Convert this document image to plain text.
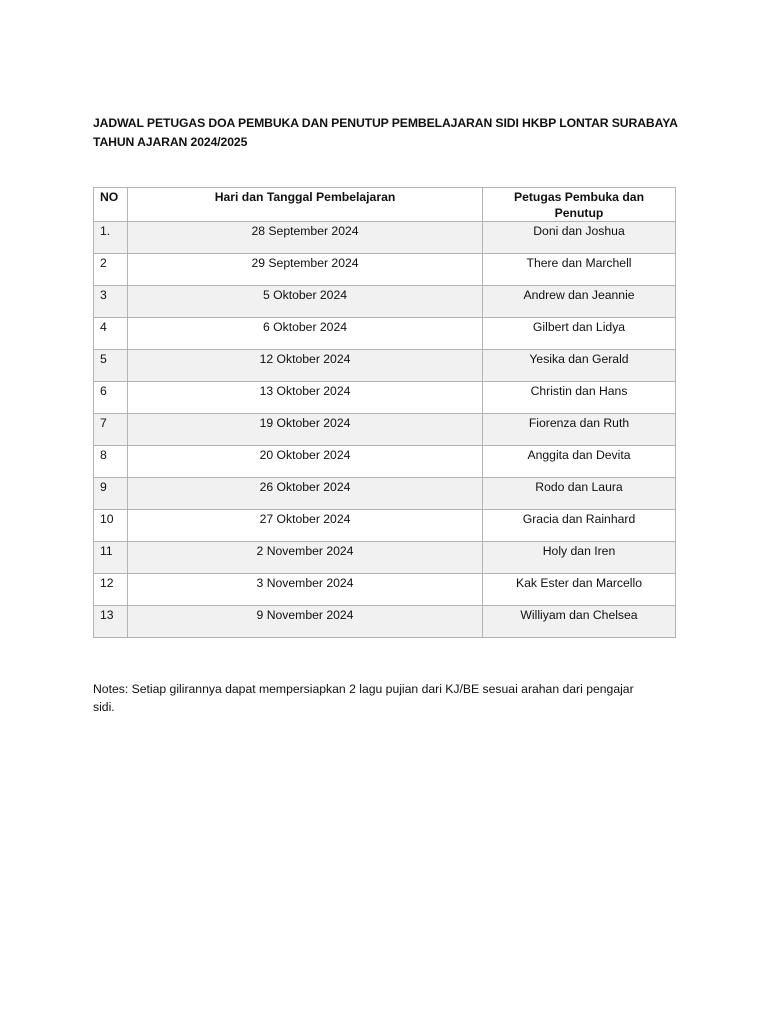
JADWAL PETUGAS DOA PEMBUKA DAN PENUTUP PEMBELAJARAN SIDI HKBP LONTAR SURABAYA TAHUN AJARAN 2024/2025
NO	Hari dan Tanggal Pembelajaran	Petugas Pembuka dan Penutup
1.	28 September 2024	Doni dan Joshua
2	29 September 2024	There dan Marchell
3	5 Oktober 2024	Andrew dan Jeannie
4	6 Oktober 2024	Gilbert dan Lidya
5	12 Oktober 2024	Yesika dan Gerald
6	13 Oktober 2024	Christin dan Hans
7	19 Oktober 2024	Fiorenza dan Ruth
8	20 Oktober 2024	Anggita dan Devita
9	26 Oktober 2024	Rodo dan Laura
10	27 Oktober 2024	Gracia dan Rainhard
11	2 November 2024	Holy dan Iren
12	3 November 2024	Kak Ester dan Marcello
13	9 November 2024	Williyam dan Chelsea

Notes: Setiap gilirannya dapat mempersiapkan 2 lagu pujian dari KJ/BE sesuai arahan dari pengajar sidi.
